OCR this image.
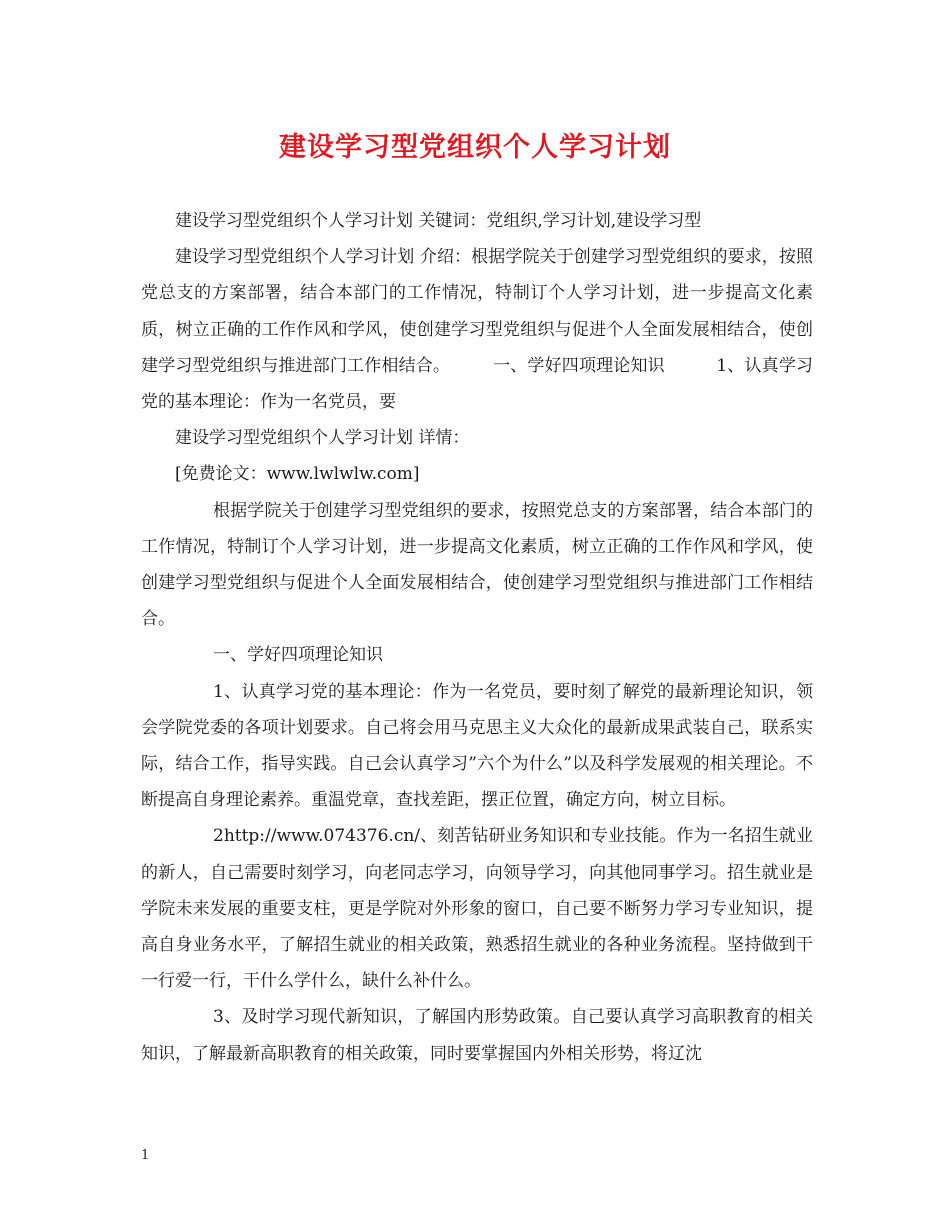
建设学习型党组织个人学习计划

建设学习型党组织个人学习计划 关键词：党组织,学习计划,建设学习型

建设学习型党组织个人学习计划 介绍：根据学院关于创建学习型党组织的要求，按照党总支的方案部署，结合本部门的工作情况，特制订个人学习计划，进一步提高文化素质，树立正确的工作作风和学风，使创建学习型党组织与促进个人全面发展相结合，使创建学习型党组织与推进部门工作相结合。　　　一、学好四项理论知识　　　1、认真学习党的基本理论：作为一名党员，要

建设学习型党组织个人学习计划 详情：

[免费论文：www.lwlwlw.com]

根据学院关于创建学习型党组织的要求，按照党总支的方案部署，结合本部门的工作情况，特制订个人学习计划，进一步提高文化素质，树立正确的工作作风和学风，使创建学习型党组织与促进个人全面发展相结合，使创建学习型党组织与推进部门工作相结合。

一、学好四项理论知识

1、认真学习党的基本理论：作为一名党员，要时刻了解党的最新理论知识，领会学院党委的各项计划要求。自己将会用马克思主义大众化的最新成果武装自己，联系实际，结合工作，指导实践。自己会认真学习”六个为什么”以及科学发展观的相关理论。不断提高自身理论素养。重温党章，查找差距，摆正位置，确定方向，树立目标。

2http://www.074376.cn/、刻苦钻研业务知识和专业技能。作为一名招生就业的新人，自己需要时刻学习，向老同志学习，向领导学习，向其他同事学习。招生就业是学院未来发展的重要支柱，更是学院对外形象的窗口，自己要不断努力学习专业知识，提高自身业务水平，了解招生就业的相关政策，熟悉招生就业的各种业务流程。坚持做到干一行爱一行，干什么学什么，缺什么补什么。

3、及时学习现代新知识，了解国内形势政策。自己要认真学习高职教育的相关知识，了解最新高职教育的相关政策，同时要掌握国内外相关形势，将辽沈

1
